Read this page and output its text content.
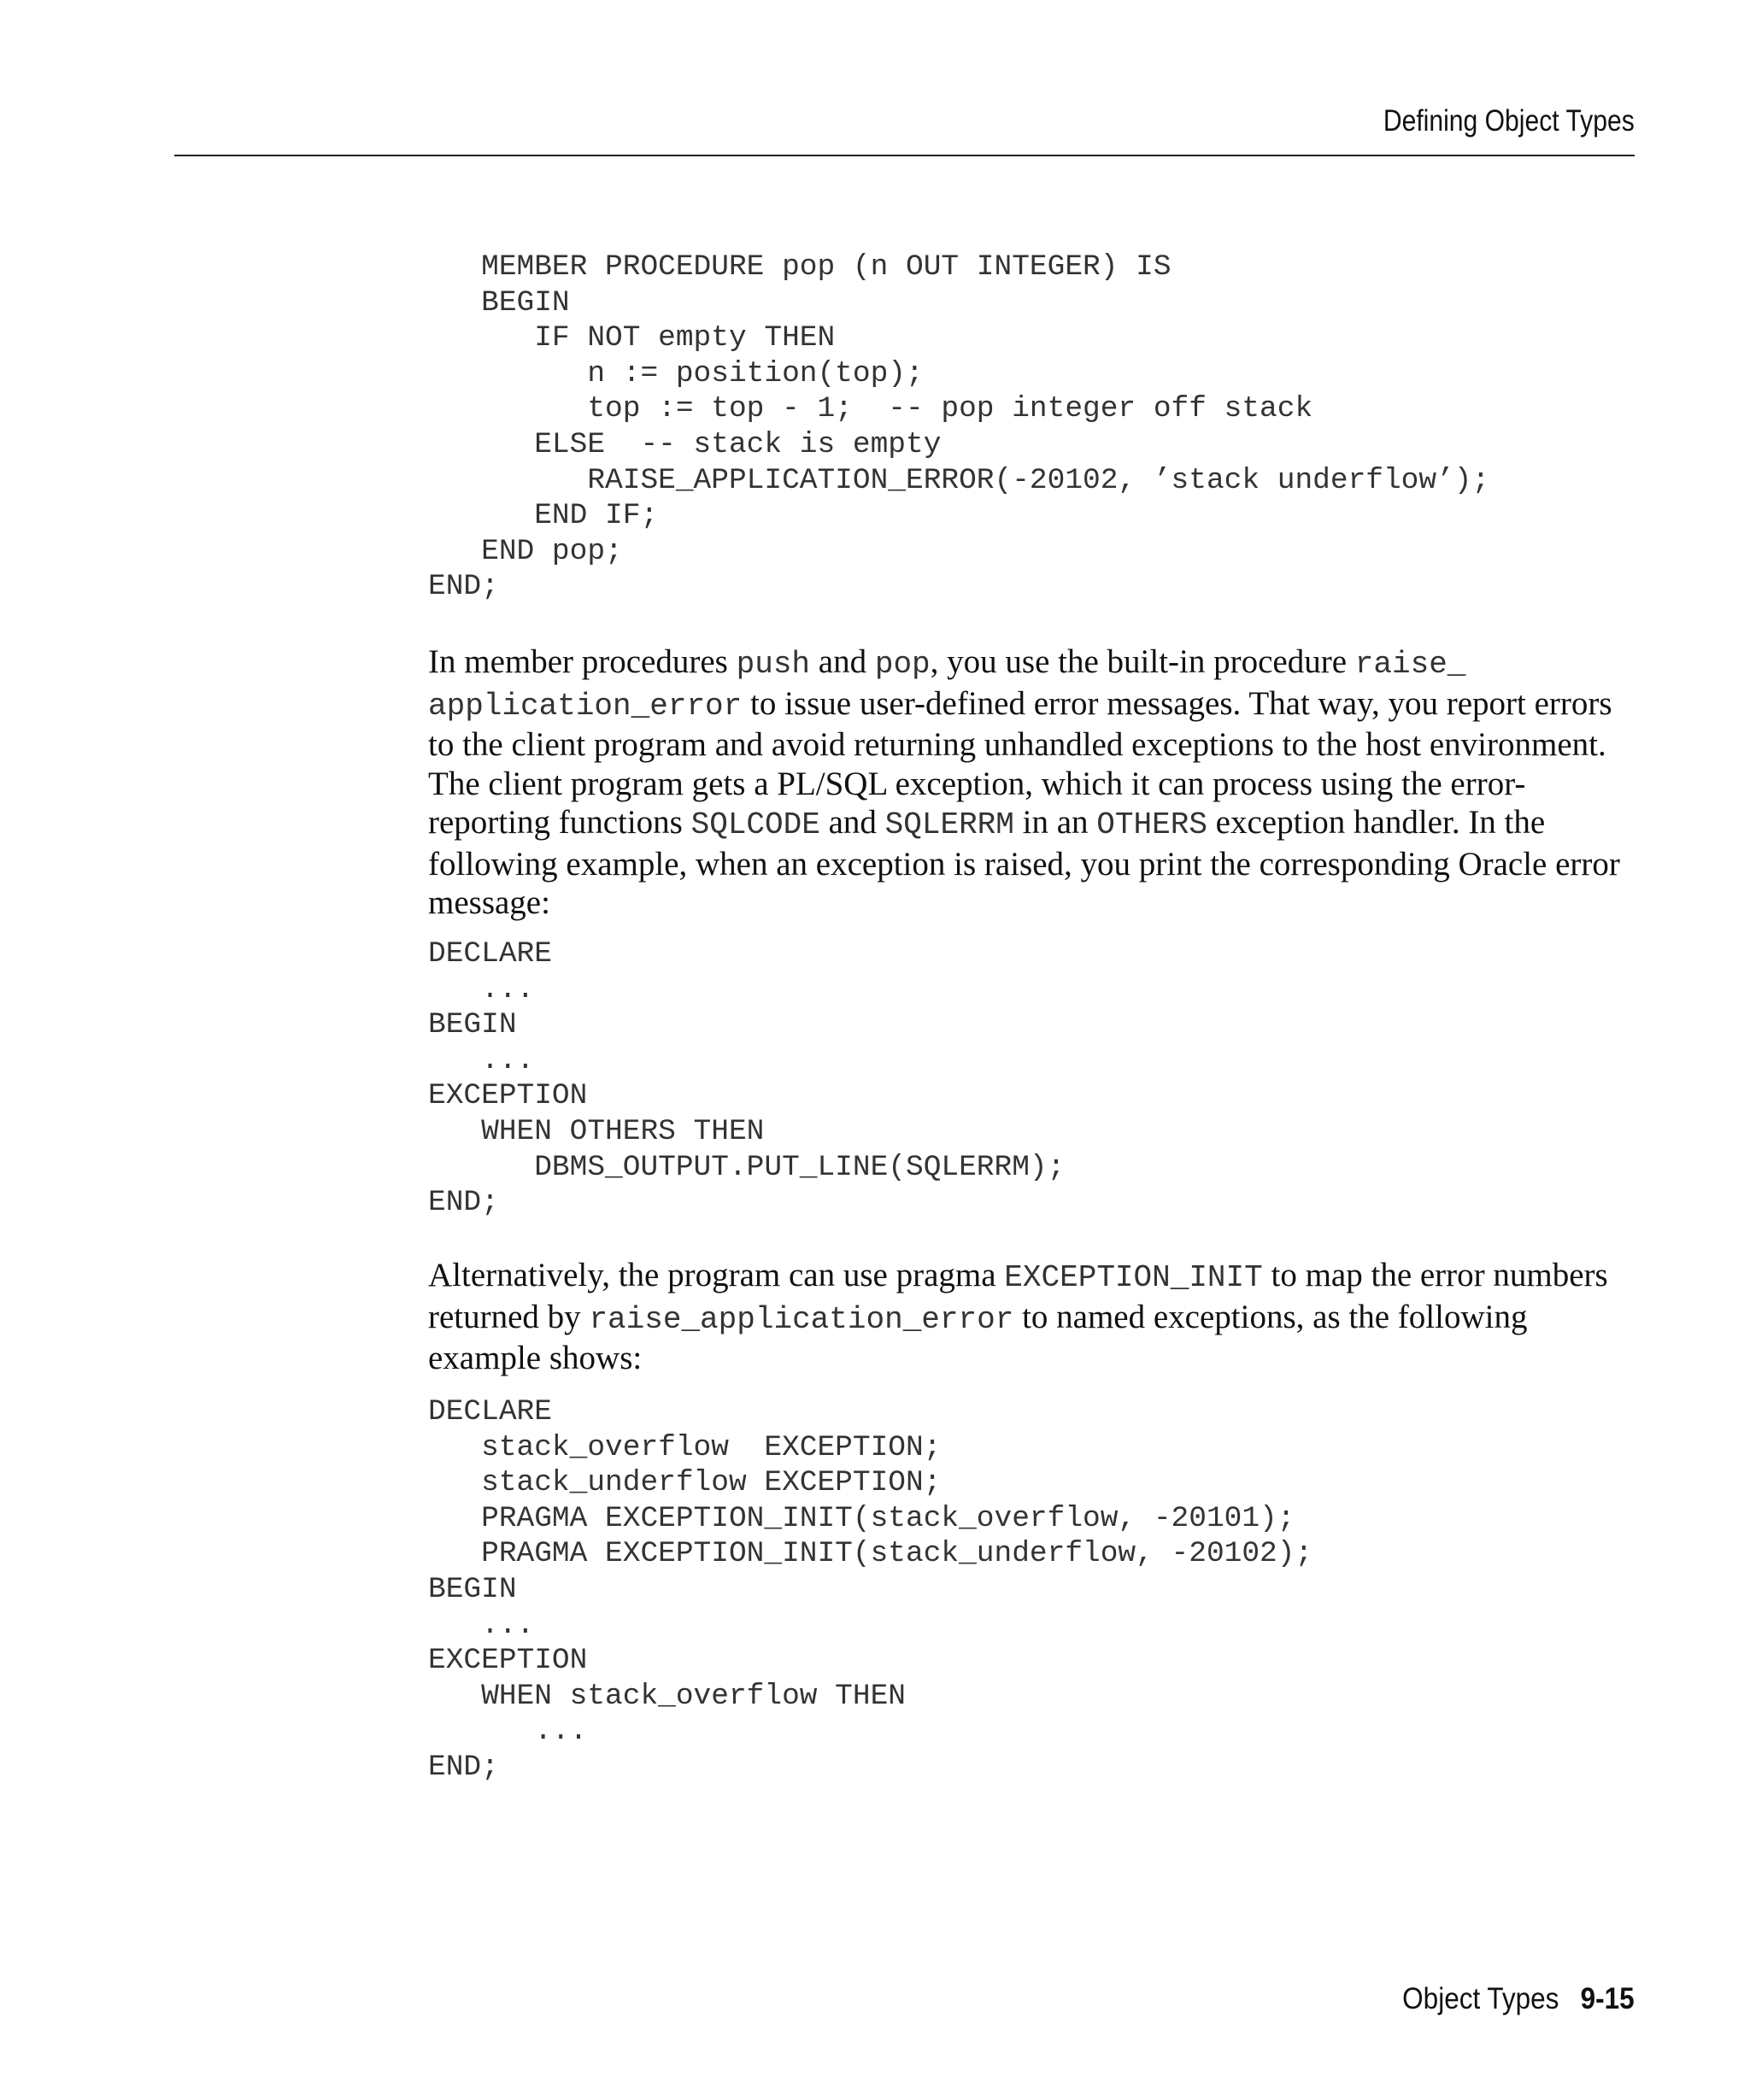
Defining Object Types
MEMBER PROCEDURE pop (n OUT INTEGER) IS
BEGIN
IF NOT empty THEN
n := position(top);
top := top - 1;  -- pop integer off stack
ELSE  -- stack is empty
RAISE_APPLICATION_ERROR(-20102, ’stack underflow’);
END IF;
END pop;
END;

In member procedures push and pop, you use the built-in procedure raise_
application_error to issue user-defined error messages. That way, you report errors to the client program and avoid returning unhandled exceptions to the host environment. The client program gets a PL/SQL exception, which it can process using the error-reporting functions SQLCODE and SQLERRM in an OTHERS exception handler. In the following example, when an exception is raised, you print the corresponding Oracle error message:

DECLARE
...
BEGIN
...
EXCEPTION
WHEN OTHERS THEN
DBMS_OUTPUT.PUT_LINE(SQLERRM);
END;

Alternatively, the program can use pragma EXCEPTION_INIT to map the error numbers returned by raise_application_error to named exceptions, as the following example shows:

DECLARE
stack_overflow  EXCEPTION;
stack_underflow EXCEPTION;
PRAGMA EXCEPTION_INIT(stack_overflow, -20101);
PRAGMA EXCEPTION_INIT(stack_underflow, -20102);
BEGIN
...
EXCEPTION
WHEN stack_overflow THEN
...
END;
Object Types 9-15
